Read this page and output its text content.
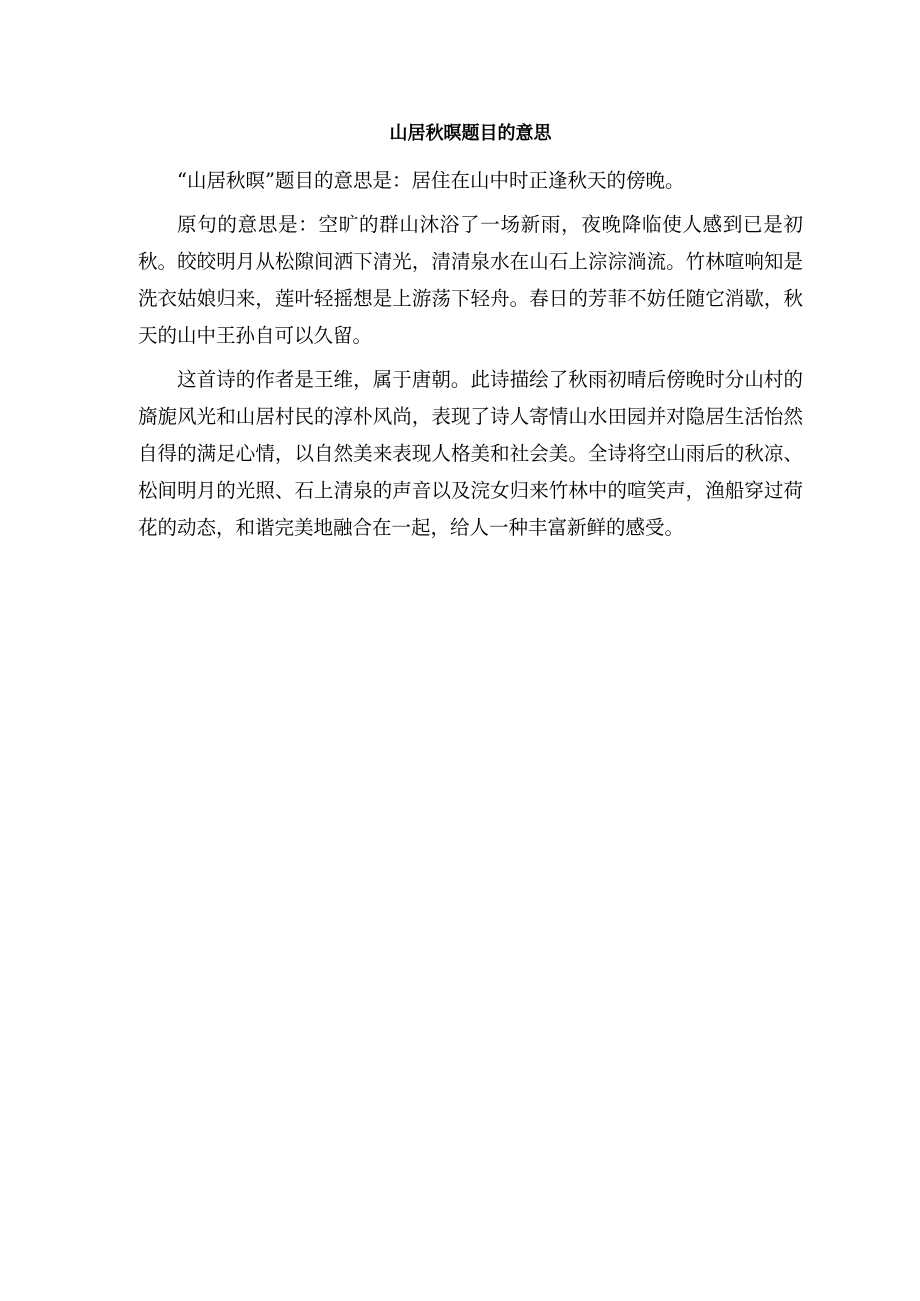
山居秋暝题目的意思

“山居秋暝”题目的意思是：居住在山中时正逢秋天的傍晚。

原句的意思是：空旷的群山沐浴了一场新雨，夜晚降临使人感到已是初秋。皎皎明月从松隙间洒下清光，清清泉水在山石上淙淙淌流。竹林喧响知是洗衣姑娘归来，莲叶轻摇想是上游荡下轻舟。春日的芳菲不妨任随它消歇，秋天的山中王孙自可以久留。

这首诗的作者是王维，属于唐朝。此诗描绘了秋雨初晴后傍晚时分山村的旖旎风光和山居村民的淳朴风尚，表现了诗人寄情山水田园并对隐居生活怡然自得的满足心情，以自然美来表现人格美和社会美。全诗将空山雨后的秋凉、松间明月的光照、石上清泉的声音以及浣女归来竹林中的喧笑声，渔船穿过荷花的动态，和谐完美地融合在一起，给人一种丰富新鲜的感受。
